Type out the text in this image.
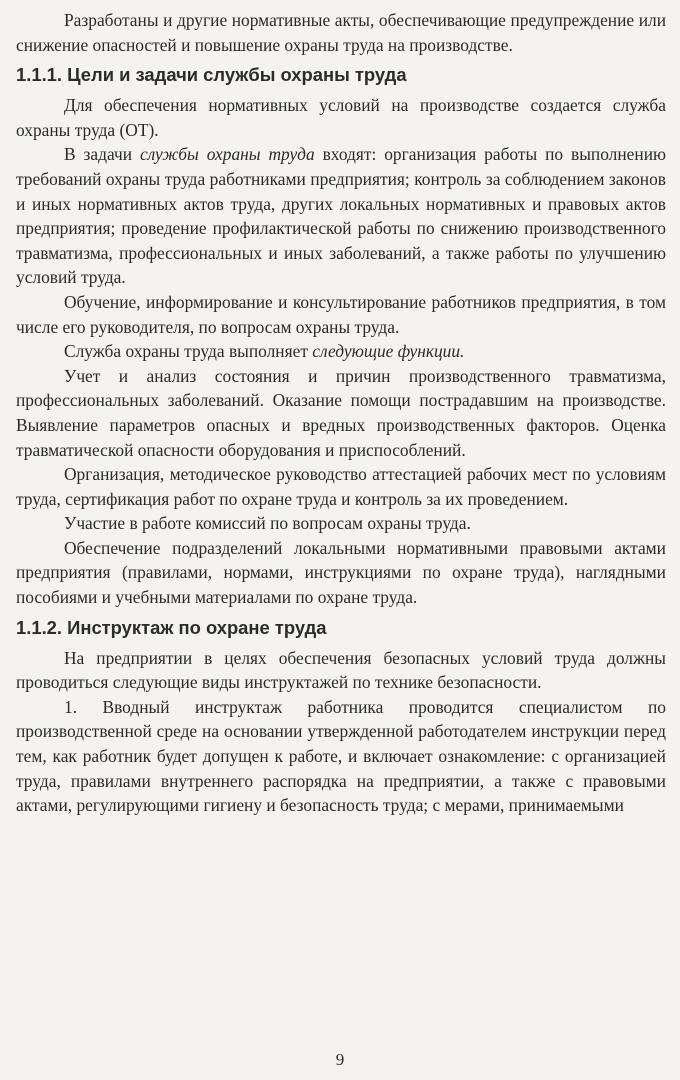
Разработаны и другие нормативные акты, обеспечивающие предупреждение или снижение опасностей и повышение охраны труда на производстве.

1.1.1. Цели и задачи службы охраны труда

Для обеспечения нормативных условий на производстве создается служба охраны труда (ОТ).

В задачи службы охраны труда входят: организация работы по выполнению требований охраны труда работниками предприятия; контроль за соблюдением законов и иных нормативных актов труда, других локальных нормативных и правовых актов предприятия; проведение профилактической работы по снижению производственного травматизма, профессиональных и иных заболеваний, а также работы по улучшению условий труда.

Обучение, информирование и консультирование работников предприятия, в том числе его руководителя, по вопросам охраны труда.

Служба охраны труда выполняет следующие функции.

Учет и анализ состояния и причин производственного травматизма, профессиональных заболеваний. Оказание помощи пострадавшим на производстве. Выявление параметров опасных и вредных производственных факторов. Оценка травматической опасности оборудования и приспособлений.

Организация, методическое руководство аттестацией рабочих мест по условиям труда, сертификация работ по охране труда и контроль за их проведением.

Участие в работе комиссий по вопросам охраны труда.

Обеспечение подразделений локальными нормативными правовыми актами предприятия (правилами, нормами, инструкциями по охране труда), наглядными пособиями и учебными материалами по охране труда.

1.1.2. Инструктаж по охране труда

На предприятии в целях обеспечения безопасных условий труда должны проводиться следующие виды инструктажей по технике безопасности.

1. Вводный инструктаж работника проводится специалистом по производственной среде на основании утвержденной работодателем инструкции перед тем, как работник будет допущен к работе, и включает ознакомление: с организацией труда, правилами внутреннего распорядка на предприятии, а также с правовыми актами, регулирующими гигиену и безопасность труда; с мерами, принимаемыми

9
